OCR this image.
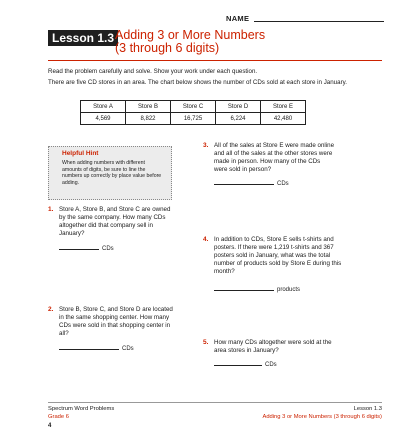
NAME
Lesson 1.3 Adding 3 or More Numbers
(3 through 6 digits)
Read the problem carefully and solve. Show your work under each question.
There are five CD stores in an area. The chart below shows the number of CDs sold at each store in January.
Store A	Store B	Store C	Store D	Store E
4,569	8,822	16,725	6,224	42,480
Helpful Hint
When adding numbers with different amounts of digits, be sure to line the numbers up correctly by place value before adding.
1. Store A, Store B, and Store C are owned by the same company. How many CDs altogether did that company sell in January?
CDs
2. Store B, Store C, and Store D are located in the same shopping center. How many CDs were sold in that shopping center in all?
CDs
3. All of the sales at Store E were made online and all of the sales at the other stores were made in person. How many of the CDs were sold in person?
CDs
4. In addition to CDs, Store E sells t-shirts and posters. If there were 1,219 t-shirts and 367 posters sold in January, what was the total number of products sold by Store E during this month?
products
5. How many CDs altogether were sold at the area stores in January?
CDs
Spectrum Word Problems
Grade 6
4
Lesson 1.3
Adding 3 or More Numbers (3 through 6 digits)
